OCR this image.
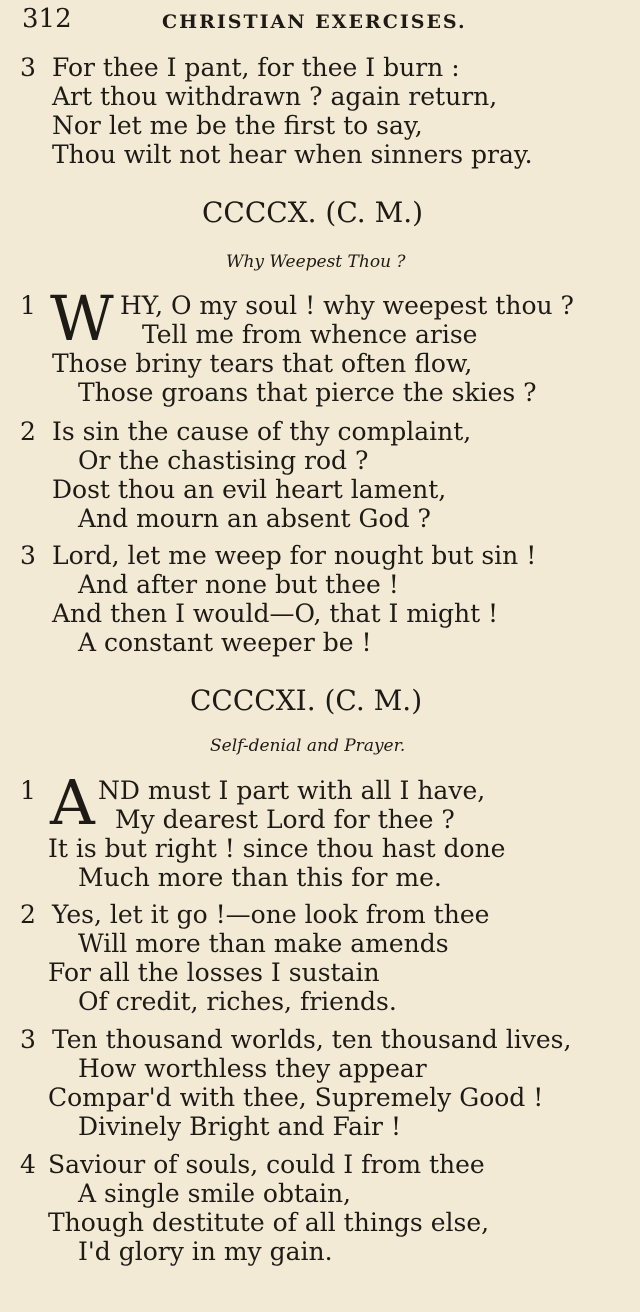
312	CHRISTIAN EXERCISES.
3 For thee I pant, for thee I burn :
Art thou withdrawn ? again return,
Nor let me be the first to say,
Thou wilt not hear when sinners pray.
CCCCX. (C. M.)
Why Weepest Thou ?
1 W HY, O my soul ! why weepest thou ?
Tell me from whence arise
Those briny tears that often flow,
Those groans that pierce the skies ?
2 Is sin the cause of thy complaint,
Or the chastising rod ?
Dost thou an evil heart lament,
And mourn an absent God ?
3 Lord, let me weep for nought but sin !
And after none but thee !
And then I would—O, that I might !
A constant weeper be !
CCCCXI. (C. M.)
Self-denial and Prayer.
1 A ND must I part with all I have,
My dearest Lord for thee ?
It is but right ! since thou hast done
Much more than this for me.
2 Yes, let it go !—one look from thee
Will more than make amends
For all the losses I sustain
Of credit, riches, friends.
3 Ten thousand worlds, ten thousand lives,
How worthless they appear
Compar'd with thee, Supremely Good !
Divinely Bright and Fair !
4 Saviour of souls, could I from thee
A single smile obtain,
Though destitute of all things else,
I'd glory in my gain.
